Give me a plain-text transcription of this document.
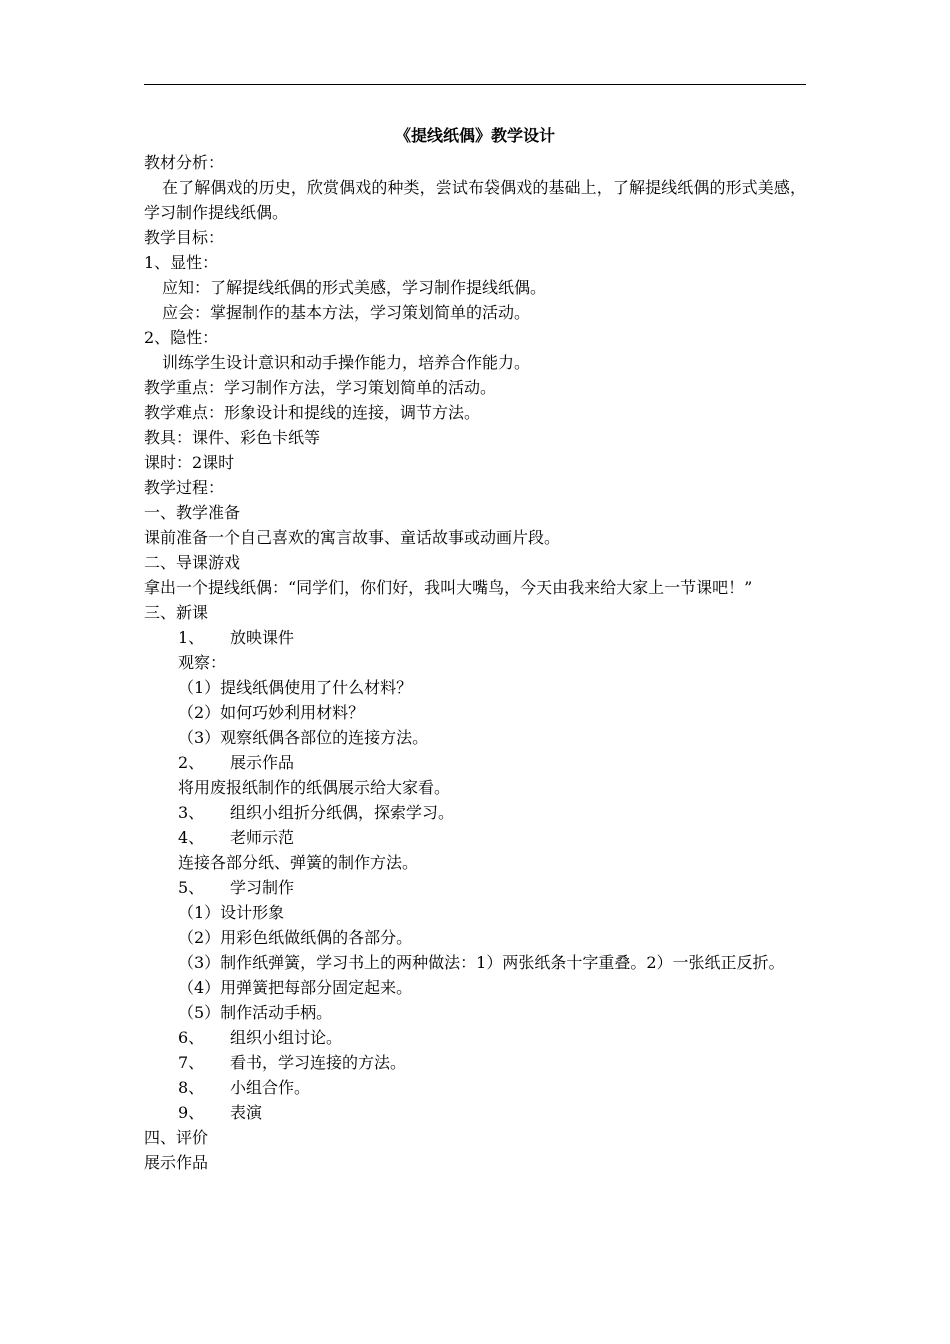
《提线纸偶》教学设计
教材分析：
在了解偶戏的历史，欣赏偶戏的种类，尝试布袋偶戏的基础上，了解提线纸偶的形式美感，学习制作提线纸偶。
教学目标：
1、显性：
应知：了解提线纸偶的形式美感，学习制作提线纸偶。
应会：掌握制作的基本方法，学习策划简单的活动。
2、隐性：
训练学生设计意识和动手操作能力，培养合作能力。
教学重点：学习制作方法，学习策划简单的活动。
教学难点：形象设计和提线的连接，调节方法。
教具：课件、彩色卡纸等
课时：2课时
教学过程：
一、教学准备
课前准备一个自己喜欢的寓言故事、童话故事或动画片段。
二、导课游戏
拿出一个提线纸偶：“同学们，你们好，我叫大嘴鸟，今天由我来给大家上一节课吧！”
三、新课
1、 放映课件
观察：
（1）提线纸偶使用了什么材料？
（2）如何巧妙利用材料？
（3）观察纸偶各部位的连接方法。
2、 展示作品
将用废报纸制作的纸偶展示给大家看。
3、 组织小组折分纸偶，探索学习。
4、 老师示范
连接各部分纸、弹簧的制作方法。
5、 学习制作
（1）设计形象
（2）用彩色纸做纸偶的各部分。
（3）制作纸弹簧，学习书上的两种做法：1）两张纸条十字重叠。2）一张纸正反折。
（4）用弹簧把每部分固定起来。
（5）制作活动手柄。
6、 组织小组讨论。
7、 看书，学习连接的方法。
8、 小组合作。
9、 表演
四、评价
展示作品
